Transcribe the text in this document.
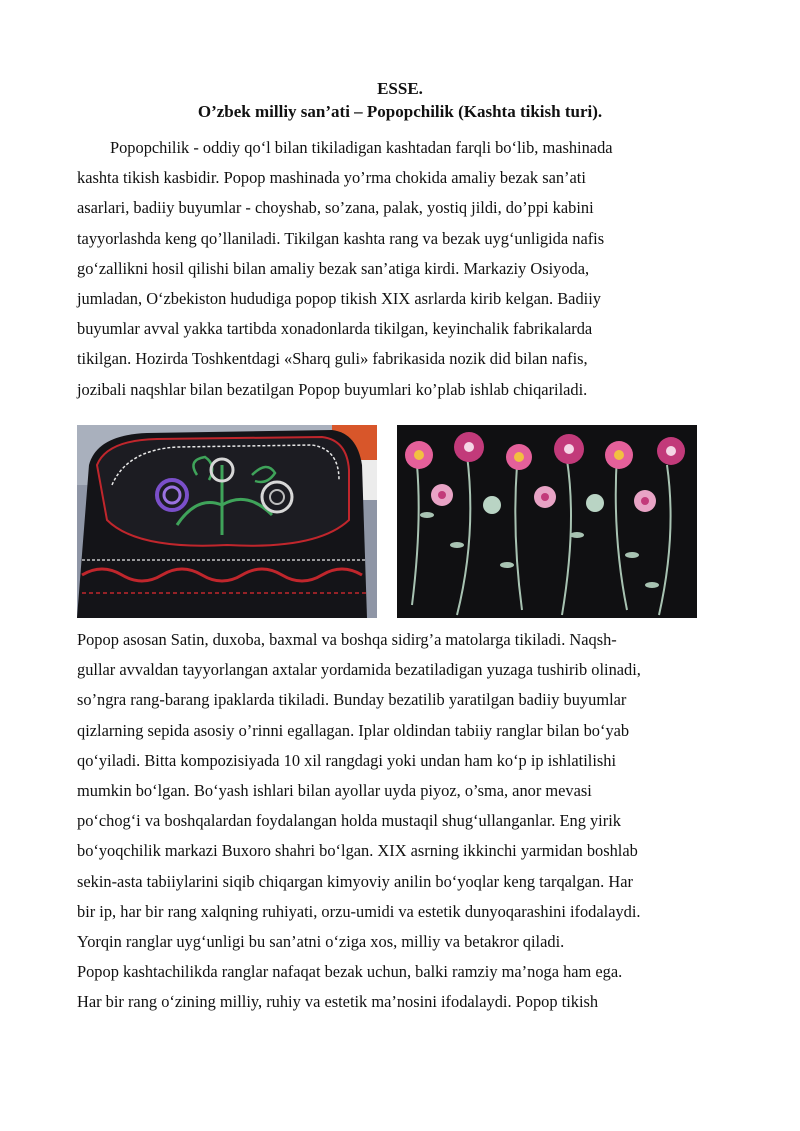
ESSE.
O’zbek milliy san’ati – Popopchilik (Kashta tikish turi).
Popopchilik - oddiy qo‘l bilan tikiladigan kashtadan farqli bo‘lib, mashinada
kashta tikish kasbidir. Popop mashinada yo’rma chokida amaliy bezak san’ati
asarlari, badiiy buyumlar - choyshab, so’zana, palak, yostiq jildi, do’ppi kabini
tayyorlashda keng qo’llaniladi. Tikilgan kashta rang va bezak uyg‘unligida nafis
go‘zallikni hosil qilishi bilan amaliy bezak san’atiga kirdi. Markaziy Osiyoda,
jumladan, O‘zbekiston hududiga popop tikish XIX asrlarda kirib kelgan. Badiiy
buyumlar avval yakka tartibda xonadonlarda tikilgan, keyinchalik fabrikalarda
tikilgan. Hozirda Toshkentdagi «Sharq guli» fabrikasida nozik did bilan nafis,
jozibali naqshlar bilan bezatilgan Popop buyumlari ko’plab ishlab chiqariladi.
Popop asosan Satin, duxoba, baxmal va boshqa sidirg’a matolarga tikiladi. Naqsh-
gullar avvaldan tayyorlangan axtalar yordamida bezatiladigan yuzaga tushirib olinadi,
so’ngra rang-barang ipaklarda tikiladi. Bunday bezatilib yaratilgan badiiy buyumlar
qizlarning sepida asosiy o’rinni egallagan. Iplar oldindan tabiiy ranglar bilan bo‘yab
qo‘yiladi. Bitta kompozisiyada 10 xil rangdagi yoki undan ham ko‘p ip ishlatilishi
mumkin bo‘lgan. Bo‘yash ishlari bilan ayollar uyda piyoz, o’sma, anor mevasi
po‘chog‘i va boshqalardan foydalangan holda mustaqil shug‘ullanganlar. Eng yirik
bo‘yoqchilik markazi Buxoro shahri bo‘lgan. XIX asrning ikkinchi yarmidan boshlab
sekin-asta tabiiylarini siqib chiqargan kimyoviy anilin bo‘yoqlar keng tarqalgan. Har
bir ip, har bir rang xalqning ruhiyati, orzu-umidi va estetik dunyoqarashini ifodalaydi.
Yorqin ranglar uyg‘unligi bu san’atni o‘ziga xos, milliy va betakror qiladi.
Popop kashtachilikda ranglar nafaqat bezak uchun, balki ramziy ma’noga ham ega.
Har bir rang o‘zining milliy, ruhiy va estetik ma’nosini ifodalaydi. Popop tikish
